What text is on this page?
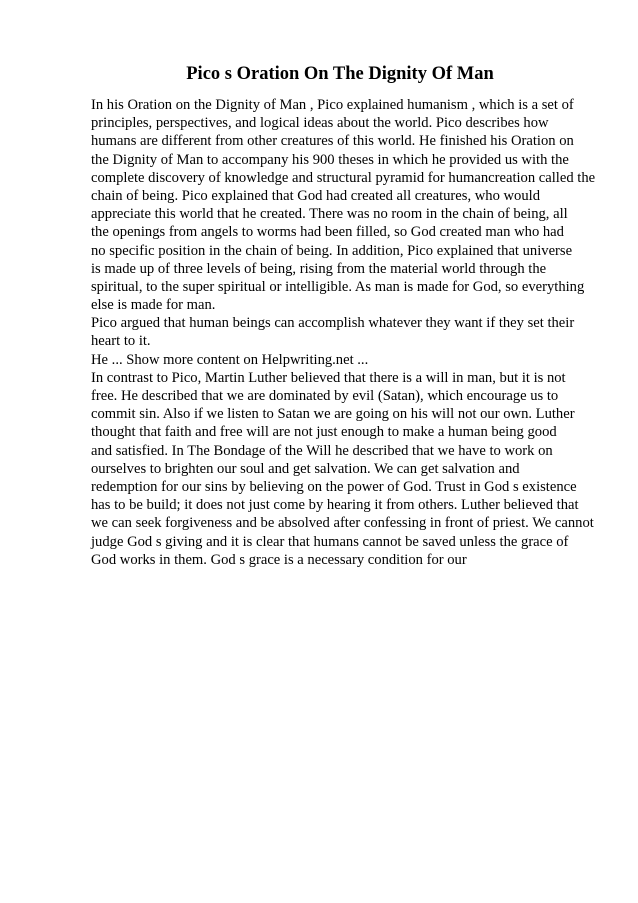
Pico s Oration On The Dignity Of Man
In his Oration on the Dignity of Man , Pico explained humanism , which is a set of
principles, perspectives, and logical ideas about the world. Pico describes how
humans are different from other creatures of this world. He finished his Oration on
the Dignity of Man to accompany his 900 theses in which he provided us with the
complete discovery of knowledge and structural pyramid for humancreation called the
chain of being. Pico explained that God had created all creatures, who would
appreciate this world that he created. There was no room in the chain of being, all
the openings from angels to worms had been filled, so God created man who had
no specific position in the chain of being. In addition, Pico explained that universe
is made up of three levels of being, rising from the material world through the
spiritual, to the super spiritual or intelligible. As man is made for God, so everything
else is made for man.
Pico argued that human beings can accomplish whatever they want if they set their
heart to it.
He ... Show more content on Helpwriting.net ...
In contrast to Pico, Martin Luther believed that there is a will in man, but it is not
free. He described that we are dominated by evil (Satan), which encourage us to
commit sin. Also if we listen to Satan we are going on his will not our own. Luther
thought that faith and free will are not just enough to make a human being good
and satisfied. In The Bondage of the Will he described that we have to work on
ourselves to brighten our soul and get salvation. We can get salvation and
redemption for our sins by believing on the power of God. Trust in God s existence
has to be build; it does not just come by hearing it from others. Luther believed that
we can seek forgiveness and be absolved after confessing in front of priest. We cannot
judge God s giving and it is clear that humans cannot be saved unless the grace of
God works in them. God s grace is a necessary condition for our
